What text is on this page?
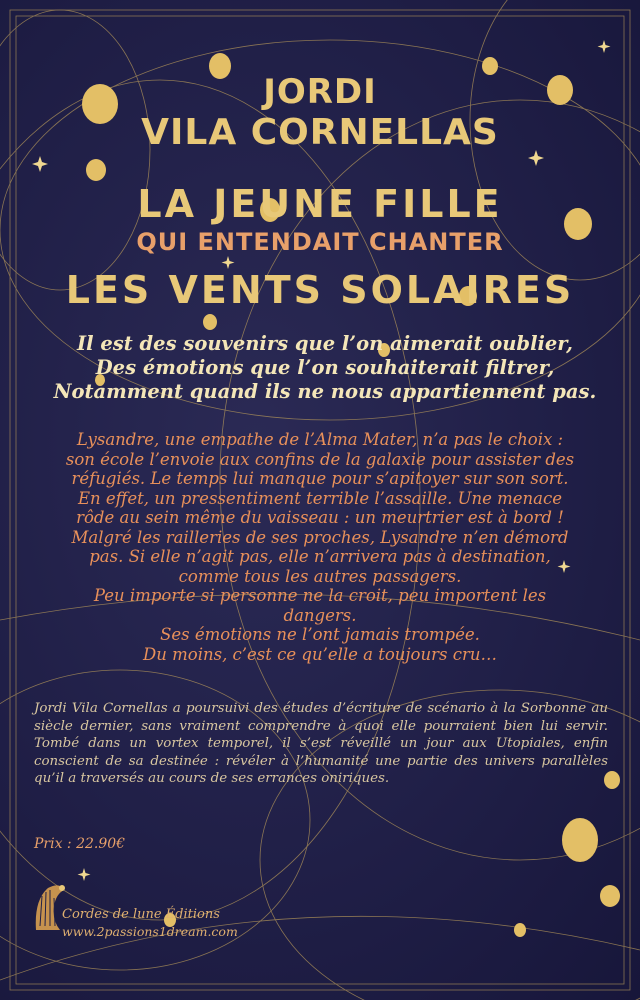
JORDI
VILA CORNELLAS
LA JEUNE FILLE
QUI ENTENDAIT CHANTER
LES VENTS SOLAIRES
Il est des souvenirs que l’on aimerait oublier,
Des émotions que l’on souhaiterait filtrer,
Notamment quand ils ne nous appartiennent pas.
Lysandre, une empathe de l’Alma Mater, n’a pas le choix :
son école l’envoie aux confins de la galaxie pour assister des
réfugiés. Le temps lui manque pour s’apitoyer sur son sort.
En effet, un pressentiment terrible l’assaille. Une menace
rôde au sein même du vaisseau : un meurtrier est à bord !
Malgré les railleries de ses proches, Lysandre n’en démord
pas. Si elle n’agit pas, elle n’arrivera pas à destination,
comme tous les autres passagers.
Peu importe si personne ne la croit, peu importent les
dangers.
Ses émotions ne l’ont jamais trompée.
Du moins, c’est ce qu’elle a toujours cru…

Jordi Vila Cornellas a poursuivi des études d’écriture de scénario à la Sorbonne au siècle dernier, sans vraiment comprendre à quoi elle pourraient bien lui servir. Tombé dans un vortex temporel, il s’est réveillé un jour aux Utopiales, enfin conscient de sa destinée : révéler à l’humanité une partie des univers parallèles qu’il a traversés au cours de ses errances oniriques.

Prix : 22.90€
Cordes de lune Éditions
www.2passions1dream.com
